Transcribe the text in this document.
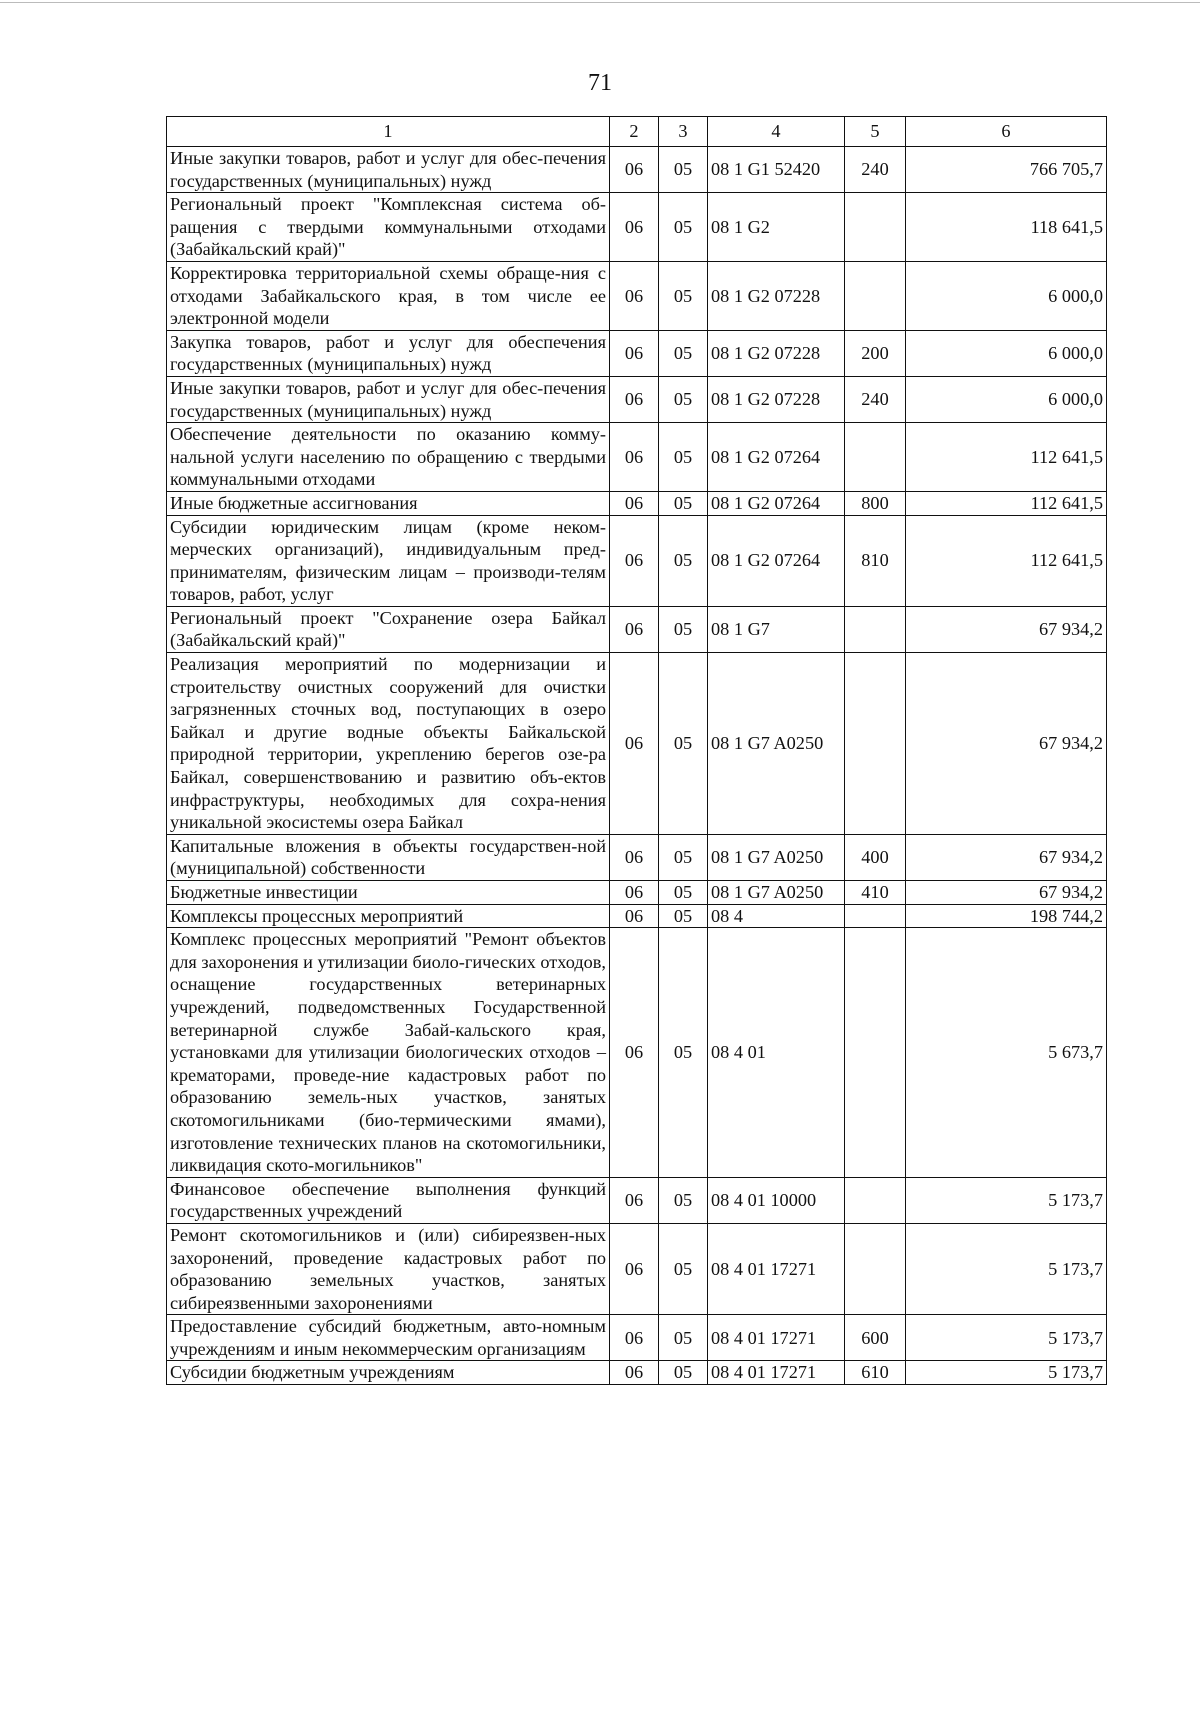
71
1	2	3	4	5	6
Иные закупки товаров, работ и услуг для обес-печения государственных (муниципальных) нужд	06	05	08 1 G1 52420	240	766 705,7
Региональный проект "Комплексная система об-ращения с твердыми коммунальными отходами (Забайкальский край)"	06	05	08 1 G2		118 641,5
Корректировка территориальной схемы обраще-ния с отходами Забайкальского края, в том числе ее электронной модели	06	05	08 1 G2 07228		6 000,0
Закупка товаров, работ и услуг для обеспечения государственных (муниципальных) нужд	06	05	08 1 G2 07228	200	6 000,0
Иные закупки товаров, работ и услуг для обес-печения государственных (муниципальных) нужд	06	05	08 1 G2 07228	240	6 000,0
Обеспечение деятельности по оказанию комму-нальной услуги населению по обращению с твердыми коммунальными отходами	06	05	08 1 G2 07264		112 641,5
Иные бюджетные ассигнования	06	05	08 1 G2 07264	800	112 641,5
Субсидии юридическим лицам (кроме неком-мерческих организаций), индивидуальным пред-принимателям, физическим лицам – производи-телям товаров, работ, услуг	06	05	08 1 G2 07264	810	112 641,5
Региональный проект "Сохранение озера Байкал (Забайкальский край)"	06	05	08 1 G7		67 934,2
Реализация мероприятий по модернизации и строительству очистных сооружений для очистки загрязненных сточных вод, поступающих в озеро Байкал и другие водные объекты Байкальской природной территории, укреплению берегов озе-ра Байкал, совершенствованию и развитию объ-ектов инфраструктуры, необходимых для сохра-нения уникальной экосистемы озера Байкал	06	05	08 1 G7 A0250		67 934,2
Капитальные вложения в объекты государствен-ной (муниципальной) собственности	06	05	08 1 G7 A0250	400	67 934,2
Бюджетные инвестиции	06	05	08 1 G7 A0250	410	67 934,2
Комплексы процессных мероприятий	06	05	08 4		198 744,2
Комплекс процессных мероприятий "Ремонт объектов для захоронения и утилизации биоло-гических отходов, оснащение государственных ветеринарных учреждений, подведомственных Государственной ветеринарной службе Забай-кальского края, установками для утилизации биологических отходов – крематорами, проведе-ние кадастровых работ по образованию земель-ных участков, занятых скотомогильниками (био-термическими ямами), изготовление технических планов на скотомогильники, ликвидация ското-могильников"	06	05	08 4 01		5 673,7
Финансовое обеспечение выполнения функций государственных учреждений	06	05	08 4 01 10000		5 173,7
Ремонт скотомогильников и (или) сибиреязвен-ных захоронений, проведение кадастровых работ по образованию земельных участков, занятых сибиреязвенными захоронениями	06	05	08 4 01 17271		5 173,7
Предоставление субсидий бюджетным, авто-номным учреждениям и иным некоммерческим организациям	06	05	08 4 01 17271	600	5 173,7
Субсидии бюджетным учреждениям	06	05	08 4 01 17271	610	5 173,7
